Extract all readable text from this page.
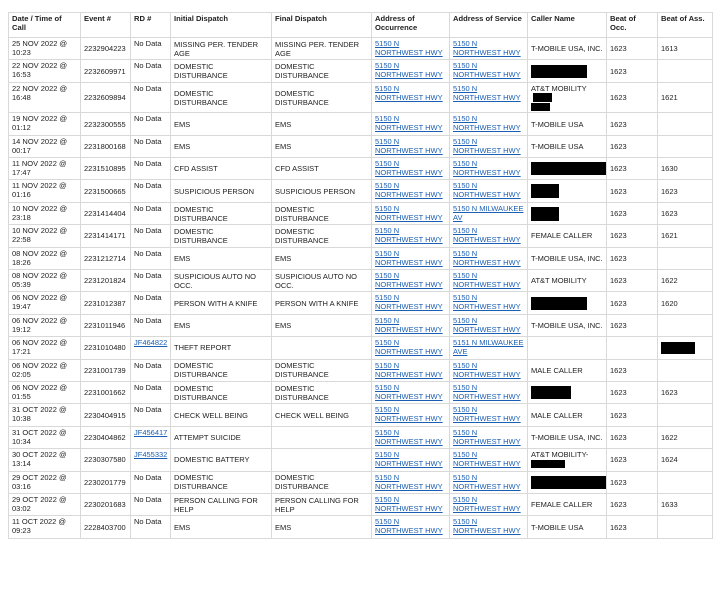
Date / Time of Call	Event #	RD #	Initial Dispatch	Final Dispatch	Address of Occurrence	Address of Service	Caller Name	Beat of Occ.	Beat of Ass.
25 NOV 2022 @ 10:23	2232904223	No Data	MISSING PER. TENDER AGE	MISSING PER. TENDER AGE	5150 N NORTHWEST HWY	5150 N NORTHWEST HWY	T-MOBILE USA, INC.	1623	1613
22 NOV 2022 @ 16:53	2232609971	No Data	DOMESTIC DISTURBANCE	DOMESTIC DISTURBANCE	5150 N NORTHWEST HWY	5150 N NORTHWEST HWY		1623	
22 NOV 2022 @ 16:48	2232609894	No Data	DOMESTIC DISTURBANCE	DOMESTIC DISTURBANCE	5150 N NORTHWEST HWY	5150 N NORTHWEST HWY	AT&T MOBILITY	1623	1621
19 NOV 2022 @ 01:12	2232300555	No Data	EMS	EMS	5150 N NORTHWEST HWY	5150 N NORTHWEST HWY	T-MOBILE USA	1623	
14 NOV 2022 @ 00:17	2231800168	No Data	EMS	EMS	5150 N NORTHWEST HWY	5150 N NORTHWEST HWY	T-MOBILE USA	1623	
11 NOV 2022 @ 17:47	2231510895	No Data	CFD ASSIST	CFD ASSIST	5150 N NORTHWEST HWY	5150 N NORTHWEST HWY		1623	1630
11 NOV 2022 @ 01:16	2231500665	No Data	SUSPICIOUS PERSON	SUSPICIOUS PERSON	5150 N NORTHWEST HWY	5150 N NORTHWEST HWY		1623	1623
10 NOV 2022 @ 23:18	2231414404	No Data	DOMESTIC DISTURBANCE	DOMESTIC DISTURBANCE	5150 N NORTHWEST HWY	5150 N MILWAUKEE AV		1623	1623
10 NOV 2022 @ 22:58	2231414171	No Data	DOMESTIC DISTURBANCE	DOMESTIC DISTURBANCE	5150 N NORTHWEST HWY	5150 N NORTHWEST HWY	FEMALE CALLER	1623	1621
08 NOV 2022 @ 18:26	2231212714	No Data	EMS	EMS	5150 N NORTHWEST HWY	5150 N NORTHWEST HWY	T-MOBILE USA, INC.	1623	
08 NOV 2022 @ 05:39	2231201824	No Data	SUSPICIOUS AUTO NO OCC.	SUSPICIOUS AUTO NO OCC.	5150 N NORTHWEST HWY	5150 N NORTHWEST HWY	AT&T MOBILITY	1623	1622
06 NOV 2022 @ 19:47	2231012387	No Data	PERSON WITH A KNIFE	PERSON WITH A KNIFE	5150 N NORTHWEST HWY	5150 N NORTHWEST HWY		1623	1620
06 NOV 2022 @ 19:12	2231011946	No Data	EMS	EMS	5150 N NORTHWEST HWY	5150 N NORTHWEST HWY	T-MOBILE USA, INC.	1623	
06 NOV 2022 @ 17:21	2231010480	JF464822	THEFT REPORT		5150 N NORTHWEST HWY	5151 N MILWAUKEE AVE			
06 NOV 2022 @ 02:05	2231001739	No Data	DOMESTIC DISTURBANCE	DOMESTIC DISTURBANCE	5150 N NORTHWEST HWY	5150 N NORTHWEST HWY	MALE CALLER	1623	
06 NOV 2022 @ 01:55	2231001662	No Data	DOMESTIC DISTURBANCE	DOMESTIC DISTURBANCE	5150 N NORTHWEST HWY	5150 N NORTHWEST HWY		1623	1623
31 OCT 2022 @ 10:38	2230404915	No Data	CHECK WELL BEING	CHECK WELL BEING	5150 N NORTHWEST HWY	5150 N NORTHWEST HWY	MALE CALLER	1623	
31 OCT 2022 @ 10:34	2230404862	JF456417	ATTEMPT SUICIDE		5150 N NORTHWEST HWY	5150 N NORTHWEST HWY	T-MOBILE USA, INC.	1623	1622
30 OCT 2022 @ 13:14	2230307580	JF455332	DOMESTIC BATTERY		5150 N NORTHWEST HWY	5150 N NORTHWEST HWY	AT&T MOBILITY-	1623	1624
29 OCT 2022 @ 03:16	2230201779	No Data	DOMESTIC DISTURBANCE	DOMESTIC DISTURBANCE	5150 N NORTHWEST HWY	5150 N NORTHWEST HWY		1623	
29 OCT 2022 @ 03:02	2230201683	No Data	PERSON CALLING FOR HELP	PERSON CALLING FOR HELP	5150 N NORTHWEST HWY	5150 N NORTHWEST HWY	FEMALE CALLER	1623	1633
11 OCT 2022 @ 09:23	2228403700	No Data	EMS	EMS	5150 N NORTHWEST HWY	5150 N NORTHWEST HWY	T-MOBILE USA	1623	
